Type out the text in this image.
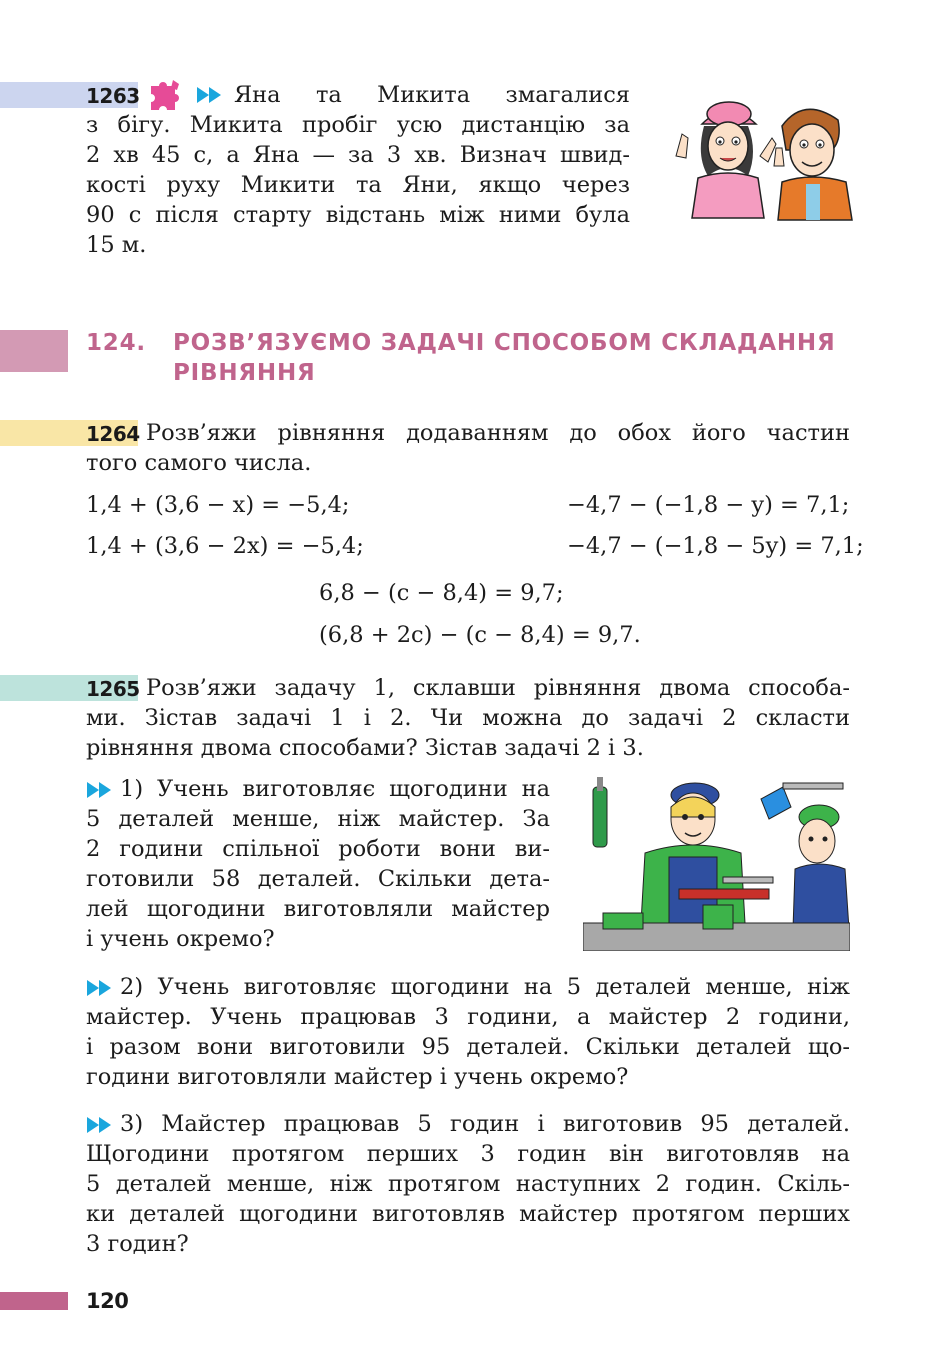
1263	Яна та Микита змагалися

з бігу. Микита пробіг усю дистанцію за

2 хв 45 с, а Яна — за 3 хв. Визнач швид-

кості руху Микити та Яни, якщо через

90 с після старту відстань між ними була

15 м.

124. РОЗВ’ЯЗУЄМО ЗАДАЧІ СПОСОБОМ СКЛАДАННЯ
РІВНЯННЯ
1264 Розв’яжи рівняння додаванням до обох його частин

того самого числа.

1,4 + (3,6 − x) = −5,4;	−4,7 − (−1,8 − y) = 7,1;
1,4 + (3,6 − 2x) = −5,4;	−4,7 − (−1,8 − 5y) = 7,1;
6,8 − (c − 8,4) = 9,7;
(6,8 + 2c) − (c − 8,4) = 9,7.
1265 Розв’яжи задачу 1, склавши рівняння двома способа-

ми. Зістав задачі 1 і 2. Чи можна до задачі 2 скласти

рівняння двома способами? Зістав задачі 2 і 3.

1) Учень виготовляє щогодини на

5 деталей менше, ніж майстер. За

2 години спільної роботи вони ви-

готовили 58 деталей. Скільки дета-

лей щогодини виготовляли майстер

і учень окремо?

2) Учень виготовляє щогодини на 5 деталей менше, ніж

майстер. Учень працював 3 години, а майстер 2 години,

і разом вони виготовили 95 деталей. Скільки деталей що-

години виготовляли майстер і учень окремо?

3) Майстер працював 5 годин і виготовив 95 деталей.

Щогодини протягом перших 3 годин він виготовляв на

5 деталей менше, ніж протягом наступних 2 годин. Скіль-

ки деталей щогодини виготовляв майстер протягом перших

3 годин?

120
